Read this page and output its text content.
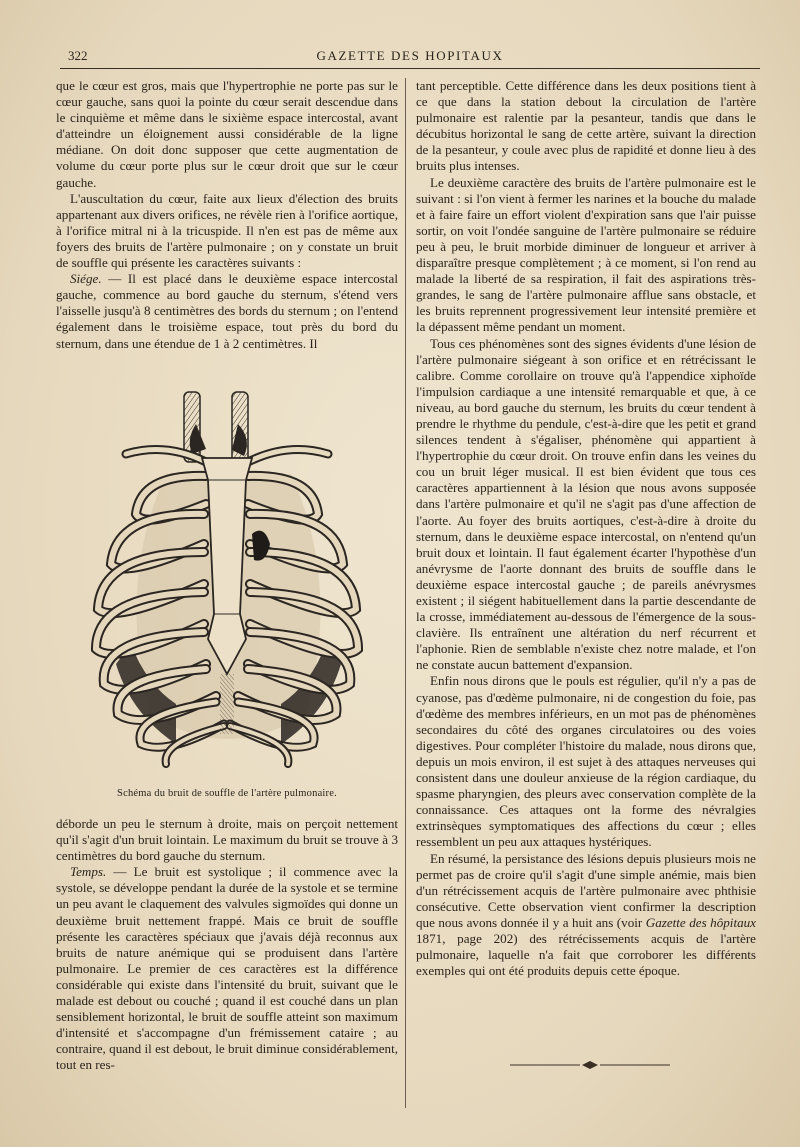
322	GAZETTE DES HOPITAUX

que le cœur est gros, mais que l'hypertrophie ne porte pas sur le cœur gauche, sans quoi la pointe du cœur serait descendue dans le cinquième et même dans le sixième espace intercostal, avant d'atteindre un éloignement aussi considérable de la ligne médiane. On doit donc supposer que cette augmentation de volume du cœur porte plus sur le cœur droit que sur le cœur gauche.

L'auscultation du cœur, faite aux lieux d'élection des bruits appartenant aux divers orifices, ne révèle rien à l'orifice aortique, à l'orifice mitral ni à la tricuspide. Il n'en est pas de même aux foyers des bruits de l'artère pulmonaire ; on y constate un bruit de souffle qui présente les caractères suivants :

Siége. — Il est placé dans le deuxième espace intercostal gauche, commence au bord gauche du sternum, s'étend vers l'aisselle jusqu'à 8 centimètres des bords du sternum ; on l'entend également dans le troisième espace, tout près du bord du sternum, dans une étendue de 1 à 2 centimètres. Il

Schéma du bruit de souffle de l'artère pulmonaire.

déborde un peu le sternum à droite, mais on perçoit nettement qu'il s'agit d'un bruit lointain. Le maximum du bruit se trouve à 3 centimètres du bord gauche du sternum.

Temps. — Le bruit est systolique ; il commence avec la systole, se développe pendant la durée de la systole et se termine un peu avant le claquement des valvules sigmoïdes qui donne un deuxième bruit nettement frappé. Mais ce bruit de souffle présente les caractères spéciaux que j'avais déjà reconnus aux bruits de nature anémique qui se produisent dans l'artère pulmonaire. Le premier de ces caractères est la différence considérable qui existe dans l'intensité du bruit, suivant que le malade est debout ou couché ; quand il est couché dans un plan sensiblement horizontal, le bruit de souffle atteint son maximum d'intensité et s'accompagne d'un frémissement cataire ; au contraire, quand il est debout, le bruit diminue considérablement, tout en res-

tant perceptible. Cette différence dans les deux positions tient à ce que dans la station debout la circulation de l'artère pulmonaire est ralentie par la pesanteur, tandis que dans le décubitus horizontal le sang de cette artère, suivant la direction de la pesanteur, y coule avec plus de rapidité et donne lieu à des bruits plus intenses.

Le deuxième caractère des bruits de l'artère pulmonaire est le suivant : si l'on vient à fermer les narines et la bouche du malade et à faire faire un effort violent d'expiration sans que l'air puisse sortir, on voit l'ondée sanguine de l'artère pulmonaire se réduire peu à peu, le bruit morbide diminuer de longueur et arriver à disparaître presque complètement ; à ce moment, si l'on rend au malade la liberté de sa respiration, il fait des aspirations très-grandes, le sang de l'artère pulmonaire afflue sans obstacle, et les bruits reprennent progressivement leur intensité première et la dépassent même pendant un moment.

Tous ces phénomènes sont des signes évidents d'une lésion de l'artère pulmonaire siégeant à son orifice et en rétrécissant le calibre. Comme corollaire on trouve qu'à l'appendice xiphoïde l'impulsion cardiaque a une intensité remarquable et que, à ce niveau, au bord gauche du sternum, les bruits du cœur tendent à prendre le rhythme du pendule, c'est-à-dire que les petit et grand silences tendent à s'égaliser, phénomène qui appartient à l'hypertrophie du cœur droit. On trouve enfin dans les veines du cou un bruit léger musical. Il est bien évident que tous ces caractères appartiennent à la lésion que nous avons supposée dans l'artère pulmonaire et qu'il ne s'agit pas d'une affection de l'aorte. Au foyer des bruits aortiques, c'est-à-dire à droite du sternum, dans le deuxième espace intercostal, on n'entend qu'un bruit doux et lointain. Il faut également écarter l'hypothèse d'un anévrysme de l'aorte donnant des bruits de souffle dans le deuxième espace intercostal gauche ; de pareils anévrysmes existent ; il siégent habituellement dans la partie descendante de la crosse, immédiatement au-dessous de l'émergence de la sous-clavière. Ils entraînent une altération du nerf récurrent et l'aphonie. Rien de semblable n'existe chez notre malade, et l'on ne constate aucun battement d'expansion.

Enfin nous dirons que le pouls est régulier, qu'il n'y a pas de cyanose, pas d'œdème pulmonaire, ni de congestion du foie, pas d'œdème des membres inférieurs, en un mot pas de phénomènes secondaires du côté des organes circulatoires ou des voies digestives. Pour compléter l'histoire du malade, nous dirons que, depuis un mois environ, il est sujet à des attaques nerveuses qui consistent dans une douleur anxieuse de la région cardiaque, du spasme pharyngien, des pleurs avec conservation complète de la connaissance. Ces attaques ont la forme des névralgies extrinsèques symptomatiques des affections du cœur ; elles ressemblent un peu aux attaques hystériques.

En résumé, la persistance des lésions depuis plusieurs mois ne permet pas de croire qu'il s'agit d'une simple anémie, mais bien d'un rétrécissement acquis de l'artère pulmonaire avec phthisie consécutive. Cette observation vient confirmer la description que nous avons donnée il y a huit ans (voir Gazette des hôpitaux 1871, page 202) des rétrécissements acquis de l'artère pulmonaire, laquelle n'a fait que corroborer les différents exemples qui ont été produits depuis cette époque.
